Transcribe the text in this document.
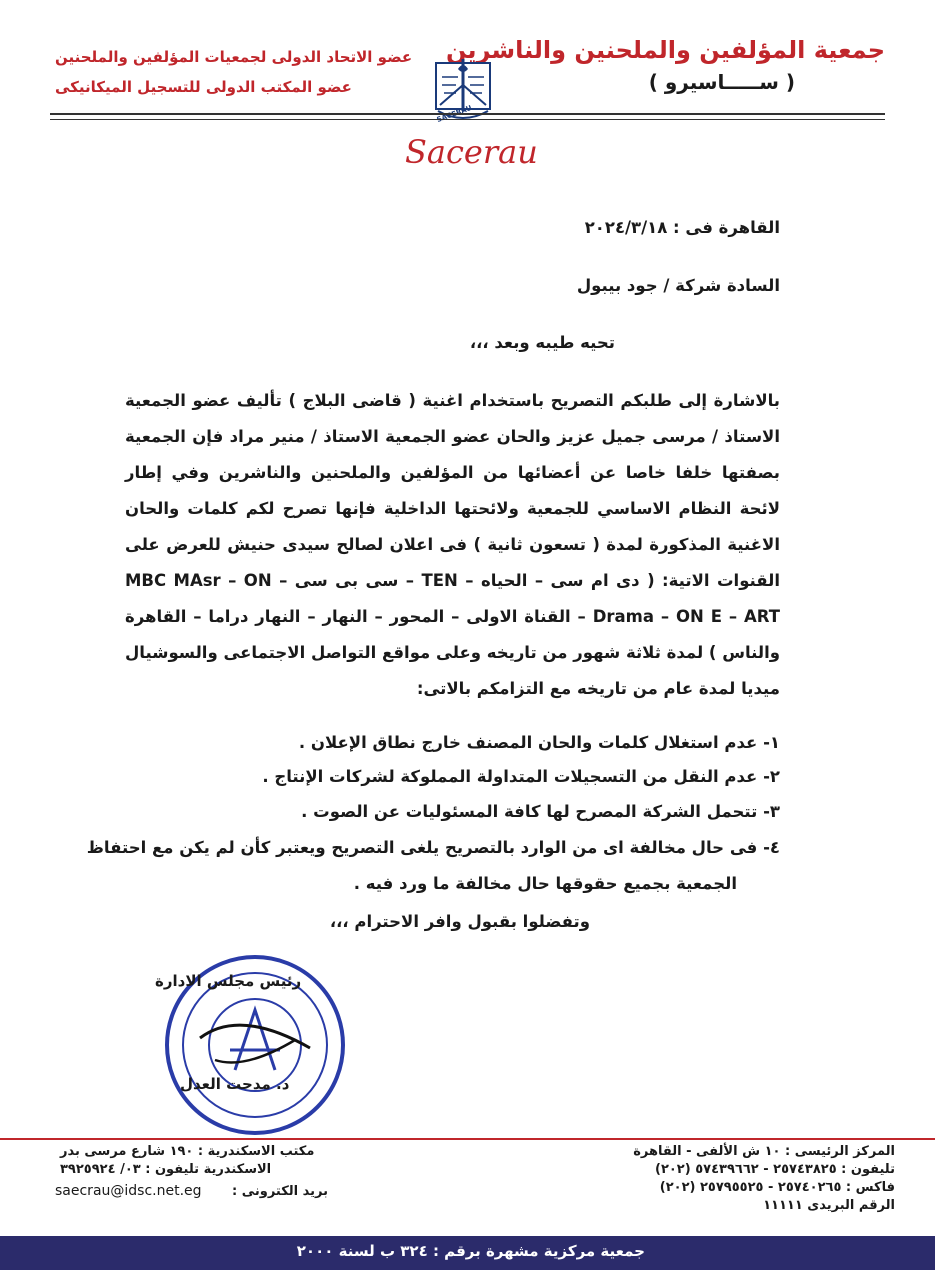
جمعية المؤلفين والملحنين والناشرين
( ســـــاسيرو )
عضو الاتحاد الدولى لجمعيات المؤلفين والملحنين
عضو المكتب الدولى للتسجيل الميكانيكى
SACERAU
Sacerau
القاهرة فى : ٢٠٢٤/٣/١٨
السادة شركة / جود بيبول
تحيه طيبه وبعد ،،،
بالاشارة إلى طلبكم التصريح باستخدام اغنية ( قاضى البلاج ) تأليف عضو الجمعية الاستاذ / مرسى جميل عزيز والحان عضو الجمعية الاستاذ / منير مراد فإن الجمعية بصفتها خلفا خاصا عن أعضائها من المؤلفين والملحنين والناشرين وفي إطار لائحة النظام الاساسي للجمعية ولائحتها الداخلية فإنها تصرح لكم كلمات والحان الاغنية المذكورة لمدة ( تسعون ثانية ) فى اعلان لصالح سيدى حنيش للعرض على القنوات الاتية: ( دى ام سى – الحياه – TEN – سى بى سى – MBC MAsr – ON Drama – ON E – ART – القناة الاولى – المحور – النهار – النهار دراما – القاهرة والناس ) لمدة ثلاثة شهور من تاريخه وعلى مواقع التواصل الاجتماعى والسوشيال ميديا لمدة عام من تاريخه مع التزامكم بالاتى:
١- عدم استغلال كلمات والحان المصنف خارج نطاق الإعلان .
٢- عدم النقل من التسجيلات المتداولة المملوكة لشركات الإنتاج .
٣- تتحمل الشركة المصرح لها كافة المسئوليات عن الصوت .
٤- فى حال مخالفة اى من الوارد بالتصريح يلغى التصريح ويعتبر كأن لم يكن مع احتفاظ
الجمعية بجميع حقوقها حال مخالفة ما ورد فيه .
وتفضلوا بقبول وافر الاحترام ،،،
رئيس مجلس الادارة
د. مدحت العدل
المركز الرئيسى : ١٠ ش الألفى - القاهرة
تليفون : ٢٥٧٤٣٨٢٥ - ٥٧٤٣٩٦٦٢ (٢٠٢)
فاكس : ٢٥٧٤٠٢٦٥ - ٢٥٧٩٥٥٢٥ (٢٠٢)
الرقم البريدى ١١١١١
مكتب الاسكندرية : ١٩٠ شارع مرسى بدر
الاسكندرية تليفون : ٠٣/ ٣٩٢٥٩٢٤
بريد الكترونى :
saecrau@idsc.net.eg
جمعية مركزية مشهرة برقم : ٣٢٤ ب لسنة ٢٠٠٠
